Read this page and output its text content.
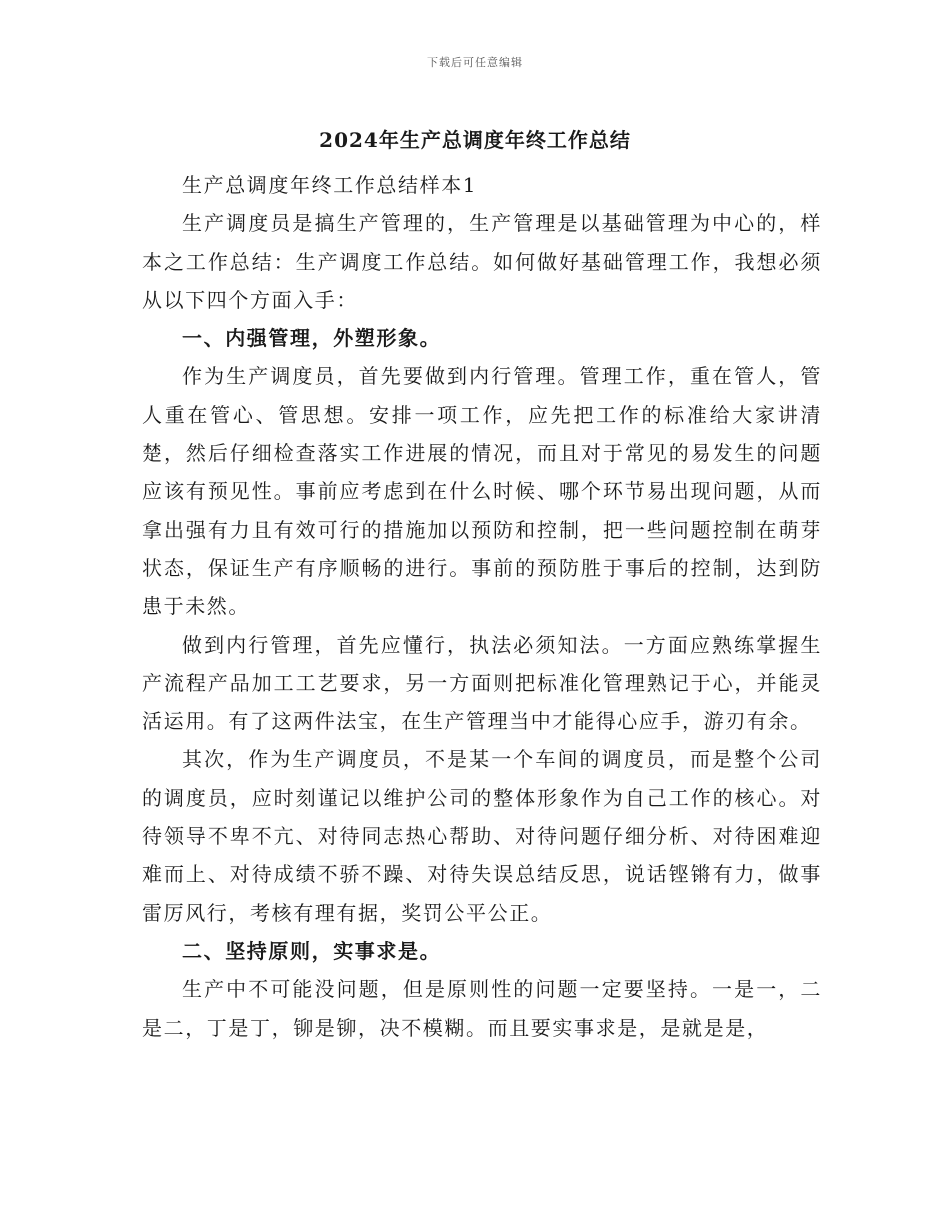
下载后可任意编辑
2024年生产总调度年终工作总结

生产总调度年终工作总结样本1

生产调度员是搞生产管理的，生产管理是以基础管理为中心的，样本之工作总结：生产调度工作总结。如何做好基础管理工作，我想必须从以下四个方面入手：

一、内强管理，外塑形象。

作为生产调度员，首先要做到内行管理。管理工作，重在管人，管人重在管心、管思想。安排一项工作，应先把工作的标准给大家讲清楚，然后仔细检查落实工作进展的情况，而且对于常见的易发生的问题应该有预见性。事前应考虑到在什么时候、哪个环节易出现问题，从而拿出强有力且有效可行的措施加以预防和控制，把一些问题控制在萌芽状态，保证生产有序顺畅的进行。事前的预防胜于事后的控制，达到防患于未然。

做到内行管理，首先应懂行，执法必须知法。一方面应熟练掌握生产流程产品加工工艺要求，另一方面则把标准化管理熟记于心，并能灵活运用。有了这两件法宝，在生产管理当中才能得心应手，游刃有余。

其次，作为生产调度员，不是某一个车间的调度员，而是整个公司的调度员，应时刻谨记以维护公司的整体形象作为自己工作的核心。对待领导不卑不亢、对待同志热心帮助、对待问题仔细分析、对待困难迎难而上、对待成绩不骄不躁、对待失误总结反思，说话铿锵有力，做事雷厉风行，考核有理有据，奖罚公平公正。

二、坚持原则，实事求是。

生产中不可能没问题，但是原则性的问题一定要坚持。一是一，二是二，丁是丁，铆是铆，决不模糊。而且要实事求是，是就是是，
